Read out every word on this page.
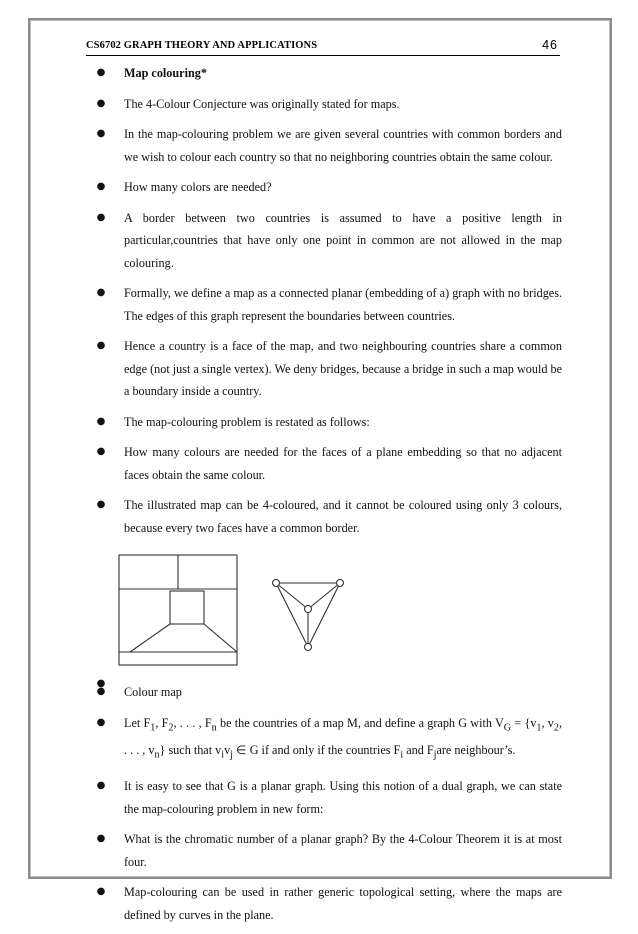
CS6702 GRAPH THEORY AND APPLICATIONS	46
● Map colouring*
● The 4-Colour Conjecture was originally stated for maps.
● In the map-colouring problem we are given several countries with common borders and we wish to colour each country so that no neighboring countries obtain the same colour.
● How many colors are needed?
● A border between two countries is assumed to have a positive length in particular,countries that have only one point in common are not allowed in the map colouring.
● Formally, we define a map as a connected planar (embedding of a) graph with no bridges. The edges of this graph represent the boundaries between countries.
● Hence a country is a face of the map, and two neighbouring countries share a common edge (not just a single vertex). We deny bridges, because a bridge in such a map would be a boundary inside a country.
● The map-colouring problem is restated as follows:
● How many colours are needed for the faces of a plane embedding so that no adjacent faces obtain the same colour.
● The illustrated map can be 4-coloured, and it cannot be coloured using only 3 colours, because every two faces have a common border.
●
● Colour map
● Let $F_1$, $F_2$, . . . , $F_n$ be the countries of a map M, and define a graph G with $V_G = \{v_1$, $v_2$, . . . , $v_n$} such that $v_iv_j$ ∈ G if and only if the countries $F_i$ and $F_jare$ neighbour’s.
● It is easy to see that G is a planar graph. Using this notion of a dual graph, we can state the map-colouring problem in new form:
● What is the chromatic number of a planar graph? By the 4-Colour Theorem it is at most four.
● Map-colouring can be used in rather generic topological setting, where the maps are defined by curves in the plane.
